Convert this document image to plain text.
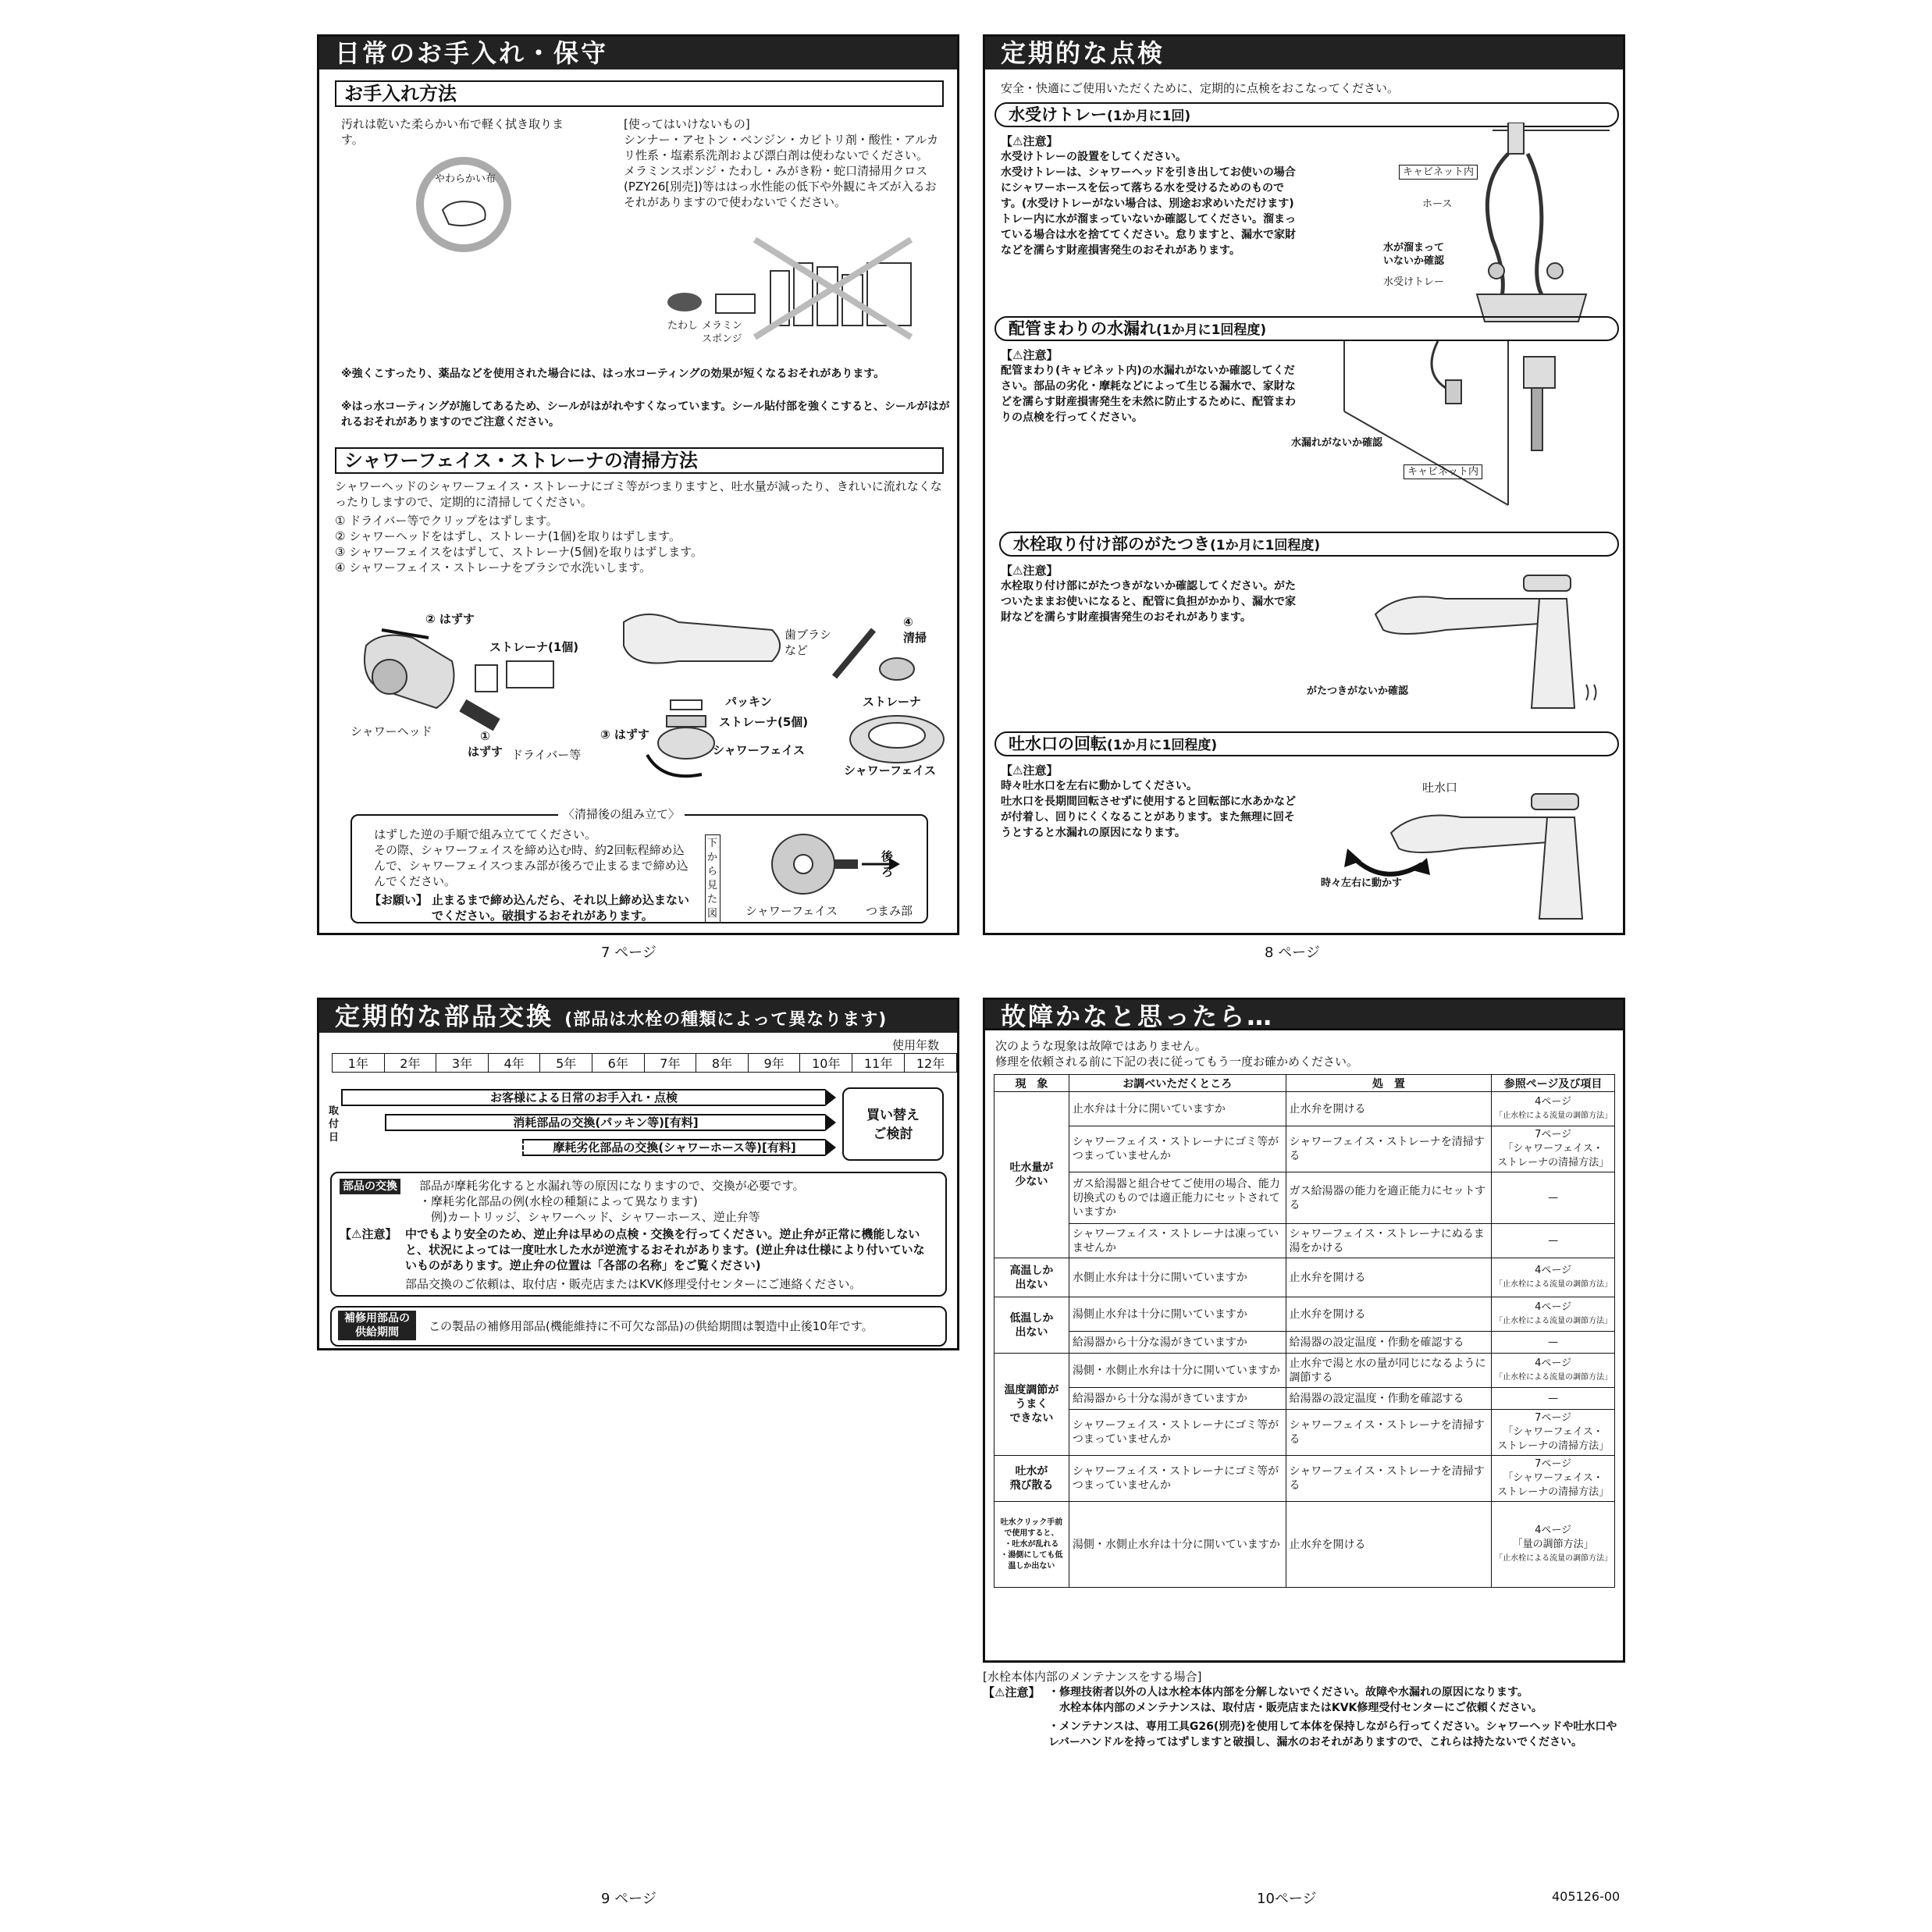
日常のお手入れ・保守
お手入れ方法
汚れは乾いた柔らかい布で軽く拭き取ります。
やわらかい布
[使ってはいけないもの]
シンナー・アセトン・ベンジン・カビトリ剤・酸性・アルカリ性系・塩素系洗剤および漂白剤は使わないでください。
メラミンスポンジ・たわし・みがき粉・蛇口清掃用クロス(PZY26[別売])等ははっ水性能の低下や外観にキズが入るおそれがありますので使わないでください。
たわし メラミンスポンジ
※強くこすったり、薬品などを使用された場合には、はっ水コーティングの効果が短くなるおそれがあります。
※はっ水コーティングが施してあるため、シールがはがれやすくなっています。シール貼付部を強くこすると、シールがはがれるおそれがありますのでご注意ください。
シャワーフェイス・ストレーナの清掃方法
シャワーヘッドのシャワーフェイス・ストレーナにゴミ等がつまりますと、吐水量が減ったり、きれいに流れなくなったりしますので、定期的に清掃してください。
① ドライバー等でクリップをはずします。
② シャワーヘッドをはずし、ストレーナ(1個)を取りはずします。
③ シャワーフェイスをはずして、ストレーナ(5個)を取りはずします。
④ シャワーフェイス・ストレーナをブラシで水洗いします。
② はずす
ストレーナ(1個)
シャワーヘッド	①
はずす ドライバー等
パッキン
ストレーナ(5個)
③ はずす
シャワーフェイス
歯ブラシ
など
④
清掃
ストレーナ
シャワーフェイス
〈清掃後の組み立て〉
はずした逆の手順で組み立ててください。
その際、シャワーフェイスを締め込む時、約2回転程締め込んで、シャワーフェイスつまみ部が後ろで止まるまで締め込んでください。
【お願い】 止まるまで締め込んだら、それ以上締め込まないでください。破損するおそれがあります。
下から見た図
後ろ
シャワーフェイス つまみ部
7 ページ
定期的な点検
安全・快適にご使用いただくために、定期的に点検をおこなってください。
水受けトレー(1か月に1回)
【⚠注意】
水受けトレーの設置をしてください。
水受けトレーは、シャワーヘッドを引き出してお使いの場合にシャワーホースを伝って落ちる水を受けるためのものです。(水受けトレーがない場合は、別途お求めいただけます)
トレー内に水が溜まっていないか確認してください。溜まっている場合は水を捨ててください。怠りますと、漏水で家財などを濡らす財産損害発生のおそれがあります。
キャビネット内
ホース
水が溜まって
いないか確認
水受けトレー
配管まわりの水漏れ(1か月に1回程度)
【⚠注意】
配管まわり(キャビネット内)の水漏れがないか確認してください。部品の劣化・摩耗などによって生じる漏水で、家財などを濡らす財産損害発生を未然に防止するために、配管まわりの点検を行ってください。
水漏れがないか確認
キャビネット内
水栓取り付け部のがたつき(1か月に1回程度)
【⚠注意】
水栓取り付け部にがたつきがないか確認してください。がたついたままお使いになると、配管に負担がかかり、漏水で家財などを濡らす財産損害発生のおそれがあります。
がたつきがないか確認
吐水口の回転(1か月に1回程度)
【⚠注意】
時々吐水口を左右に動かしてください。
吐水口を長期間回転させずに使用すると回転部に水あかなどが付着し、回りにくくなることがあります。また無理に回そうとすると水漏れの原因になります。
吐水口
時々左右に動かす
8 ページ
定期的な部品交換 (部品は水栓の種類によって異なります)
使用年数
1年	2年	3年	4年	5年	6年	7年	8年	9年	10年	11年	12年
取付日
お客様による日常のお手入れ・点検
消耗部品の交換(パッキン等)[有料]
摩耗劣化部品の交換(シャワーホース等)[有料]
買い替え
ご検討
部品の交換 部品が摩耗劣化すると水漏れ等の原因になりますので、交換が必要です。
・摩耗劣化部品の例(水栓の種類によって異なります)
　例)カートリッジ、シャワーヘッド、シャワーホース、逆止弁等
【⚠注意】 中でもより安全のため、逆止弁は早めの点検・交換を行ってください。逆止弁が正常に機能しないと、状況によっては一度吐水した水が逆流するおそれがあります。(逆止弁は仕様により付いていないものがあります。逆止弁の位置は「各部の名称」をご覧ください)
部品交換のご依頼は、取付店・販売店またはKVK修理受付センターにご連絡ください。
補修用部品の供給期間	この製品の補修用部品(機能維持に不可欠な部品)の供給期間は製造中止後10年です。
9 ページ
故障かなと思ったら…
次のような現象は故障ではありません。
修理を依頼される前に下記の表に従ってもう一度お確かめください。
現　象	お調べいただくところ	処　置	参照ページ及び項目
吐水量が
少ない	止水弁は十分に開いていますか	止水弁を開ける	4ページ
「止水栓による流量の調節方法」

	シャワーフェイス・ストレーナにゴミ等がつまっていませんか	シャワーフェイス・ストレーナを清掃する	7ページ
「シャワーフェイス・
ストレーナの清掃方法」

	ガス給湯器と組合せてご使用の場合、能力切換式のものでは適正能力にセットされていますか	ガス給湯器の能力を適正能力にセットする	—

	シャワーフェイス・ストレーナは凍っていませんか	シャワーフェイス・ストレーナにぬるま湯をかける	—

高温しか
出ない	水側止水弁は十分に開いていますか	止水弁を開ける	4ページ
「止水栓による流量の調節方法」

低温しか
出ない	湯側止水弁は十分に開いていますか	止水弁を開ける	4ページ
「止水栓による流量の調節方法」

	給湯器から十分な湯がきていますか	給湯器の設定温度・作動を確認する	—

温度調節が
うまく
できない	湯側・水側止水弁は十分に開いていますか	止水弁で湯と水の量が同じになるように調節する	4ページ
「止水栓による流量の調節方法」

	給湯器から十分な湯がきていますか	給湯器の設定温度・作動を確認する	—

	シャワーフェイス・ストレーナにゴミ等がつまっていませんか	シャワーフェイス・ストレーナを清掃する	7ページ
「シャワーフェイス・
ストレーナの清掃方法」

吐水が
飛び散る	シャワーフェイス・ストレーナにゴミ等がつまっていませんか	シャワーフェイス・ストレーナを清掃する	7ページ
「シャワーフェイス・
ストレーナの清掃方法」

吐水クリック手前で使用すると、
・吐水が乱れる
・湯側にしても低温しか出ない	湯側・水側止水弁は十分に開いていますか	止水弁を開ける	4ページ
「量の調節方法」
「止水栓による流量の調節方法」
[水栓本体内部のメンテナンスをする場合]
【⚠注意】 ・修理技術者以外の人は水栓本体内部を分解しないでください。故障や水漏れの原因になります。
　水栓本体内部のメンテナンスは、取付店・販売店またはKVK修理受付センターにご依頼ください。
・メンテナンスは、専用工具G26(別売)を使用して本体を保持しながら行ってください。シャワーヘッドや吐水口やレバーハンドルを持ってはずしますと破損し、漏水のおそれがありますので、これらは持たないでください。
10ページ	405126-00
